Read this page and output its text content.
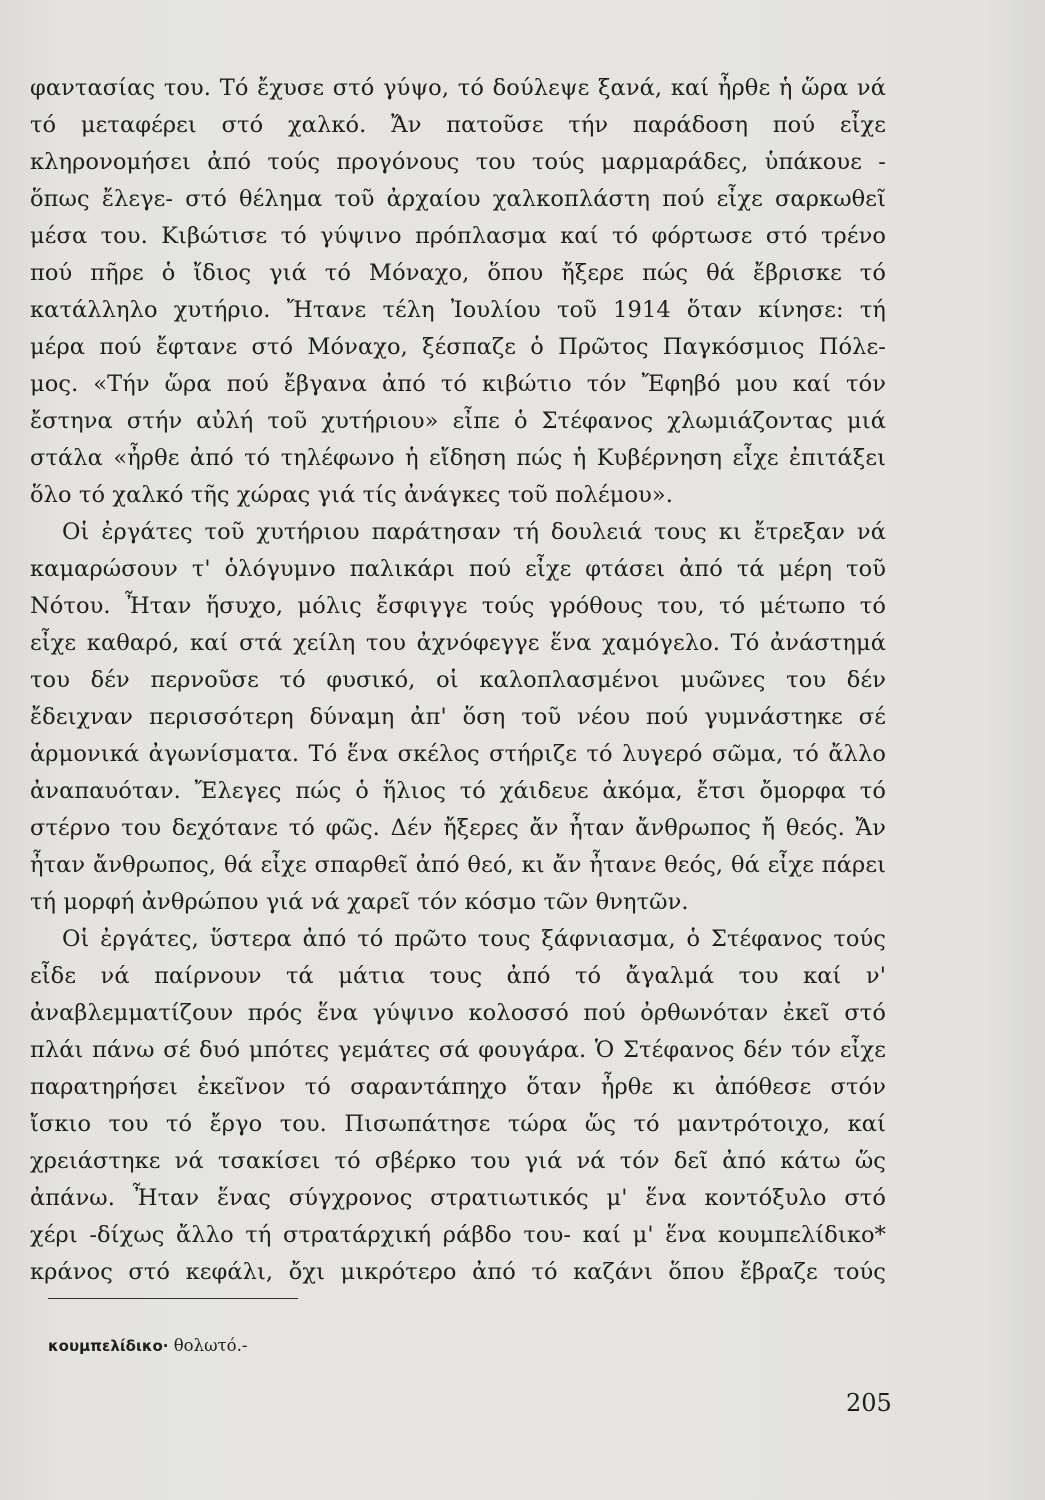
φαντασίας του. Τό ἔχυσε στό γύψο, τό δούλεψε ξανά, καί ἦρθε ἡ ὥρα νά
τό μεταφέρει στό χαλκό. Ἄν πατοῦσε τήν παράδοση πού εἶχε
κληρονομήσει ἀπό τούς προγόνους του τούς μαρμαράδες, ὑπάκουε -
ὅπως ἔλεγε- στό θέλημα τοῦ ἀρχαίου χαλκοπλάστη πού εἶχε σαρκωθεῖ
μέσα του. Κιβώτισε τό γύψινο πρόπλασμα καί τό φόρτωσε στό τρένο
πού πῆρε ὁ ἴδιος γιά τό Μόναχο, ὅπου ἤξερε πώς θά ἔβρισκε τό
κατάλληλο χυτήριο. Ἤτανε τέλη Ἰουλίου τοῦ 1914 ὅταν κίνησε: τή
μέρα πού ἔφτανε στό Μόναχο, ξέσπαζε ὁ Πρῶτος Παγκόσμιος Πόλε-
μος. «Τήν ὥρα πού ἔβγανα ἀπό τό κιβώτιο τόν Ἔφηβό μου καί τόν
ἔστηνα στήν αὐλή τοῦ χυτήριου» εἶπε ὁ Στέφανος χλωμιάζοντας μιά
στάλα «ἦρθε ἀπό τό τηλέφωνο ἡ εἴδηση πώς ἡ Κυβέρνηση εἶχε ἐπιτάξει
ὅλο τό χαλκό τῆς χώρας γιά τίς ἀνάγκες τοῦ πολέμου».
Οἱ ἐργάτες τοῦ χυτήριου παράτησαν τή δουλειά τους κι ἔτρεξαν νά
καμαρώσουν τ' ὁλόγυμνο παλικάρι πού εἶχε φτάσει ἀπό τά μέρη τοῦ
Νότου. Ἦταν ἥσυχο, μόλις ἔσφιγγε τούς γρόθους του, τό μέτωπο τό
εἶχε καθαρό, καί στά χείλη του ἀχνόφεγγε ἕνα χαμόγελο. Τό ἀνάστημά
του δέν περνοῦσε τό φυσικό, οἱ καλοπλασμένοι μυῶνες του δέν
ἔδειχναν περισσότερη δύναμη ἀπ' ὅση τοῦ νέου πού γυμνάστηκε σέ
ἁρμονικά ἀγωνίσματα. Τό ἕνα σκέλος στήριζε τό λυγερό σῶμα, τό ἄλλο
ἀναπαυόταν. Ἔλεγες πώς ὁ ἥλιος τό χάιδευε ἀκόμα, ἔτσι ὄμορφα τό
στέρνο του δεχότανε τό φῶς. Δέν ἤξερες ἄν ἦταν ἄνθρωπος ἤ θεός. Ἄν
ἦταν ἄνθρωπος, θά εἶχε σπαρθεῖ ἀπό θεό, κι ἄν ἦτανε θεός, θά εἶχε πάρει
τή μορφή ἀνθρώπου γιά νά χαρεῖ τόν κόσμο τῶν θνητῶν.
Οἱ ἐργάτες, ὕστερα ἀπό τό πρῶτο τους ξάφνιασμα, ὁ Στέφανος τούς
εἶδε νά παίρνουν τά μάτια τους ἀπό τό ἄγαλμά του καί ν'
ἀναβλεμματίζουν πρός ἕνα γύψινο κολοσσό πού ὀρθωνόταν ἐκεῖ στό
πλάι πάνω σέ δυό μπότες γεμάτες σά φουγάρα. Ὁ Στέφανος δέν τόν εἶχε
παρατηρήσει ἐκεῖνον τό σαραντάπηχο ὅταν ἦρθε κι ἀπόθεσε στόν
ἴσκιο του τό ἔργο του. Πισωπάτησε τώρα ὥς τό μαντρότοιχο, καί
χρειάστηκε νά τσακίσει τό σβέρκο του γιά νά τόν δεῖ ἀπό κάτω ὥς
ἀπάνω. Ἦταν ἕνας σύγχρονος στρατιωτικός μ' ἕνα κοντόξυλο στό
χέρι -δίχως ἄλλο τή στρατάρχική ράβδο του- καί μ' ἕνα κουμπελίδικο*
κράνος στό κεφάλι, ὄχι μικρότερο ἀπό τό καζάνι ὅπου ἔβραζε τούς
κουμπελίδικο· θολωτό.-
205
